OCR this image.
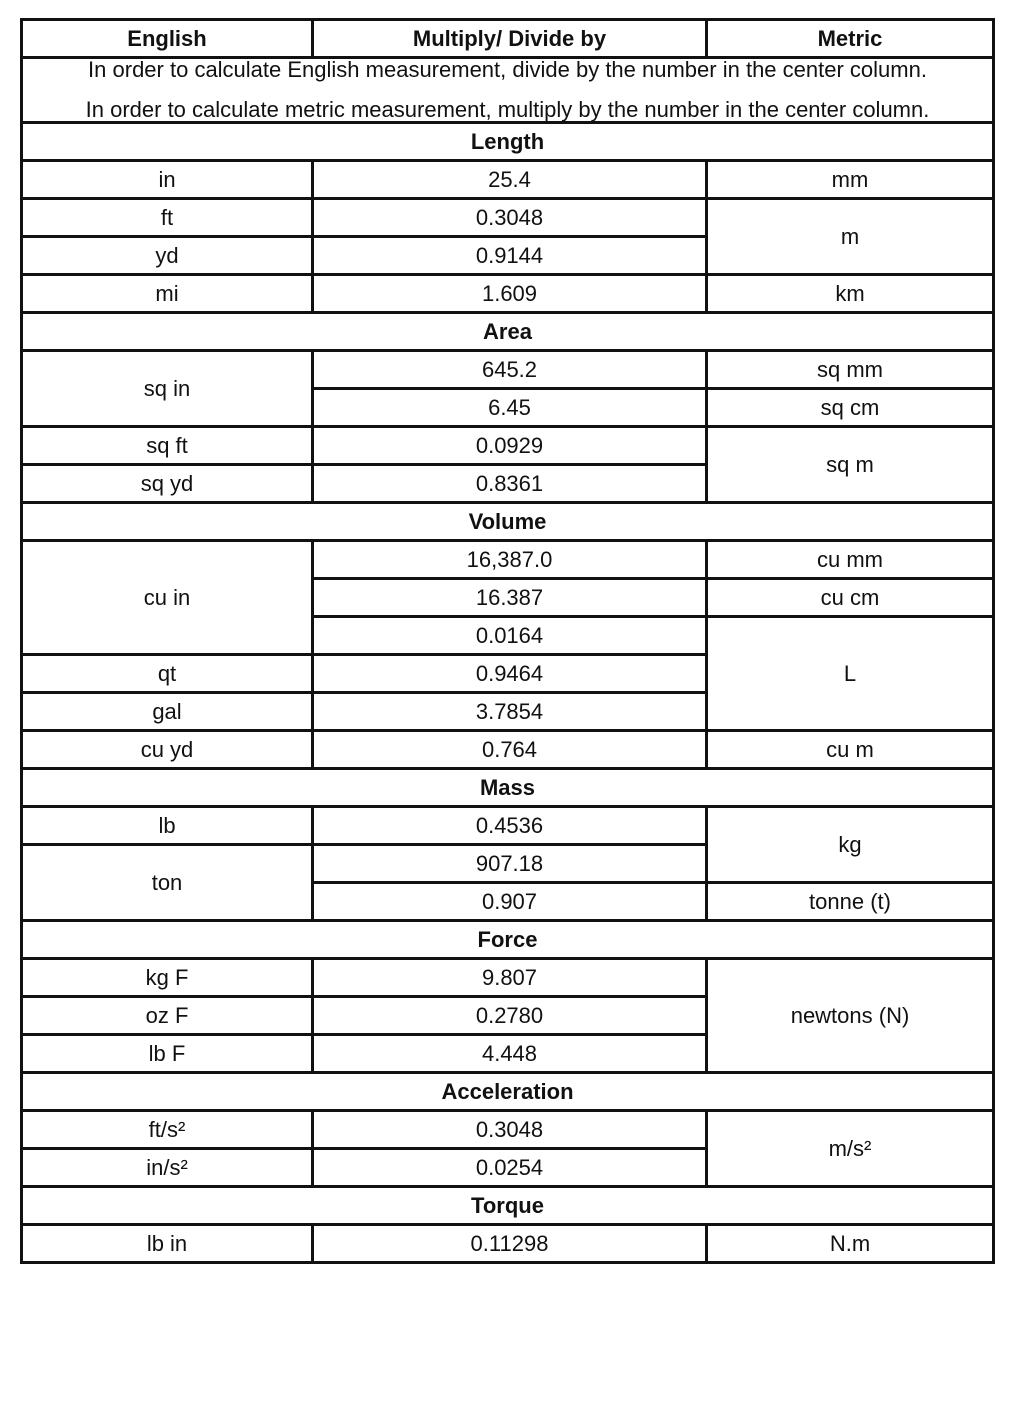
English	Multiply/ Divide by	Metric

In order to calculate English measurement, divide by the number in the center column.

In order to calculate metric measurement, multiply by the number in the center column.		

Length		
in	25.4	mm
ft	0.3048	m
yd	0.9144	
mi	1.609	km
Area		
sq in	645.2	sq mm
	6.45	sq cm
sq ft	0.0929	sq m
sq yd	0.8361	
Volume		
cu in	16,387.0	cu mm
	16.387	cu cm
	0.0164	L
qt	0.9464	
gal	3.7854	
cu yd	0.764	cu m
Mass		
lb	0.4536	kg
ton	907.18	
	0.907	tonne (t)
Force		
kg F	9.807	newtons (N)
oz F	0.2780	
lb F	4.448	
Acceleration		
ft/s²	0.3048	m/s²
in/s²	0.0254	
Torque		
lb in	0.11298	N.m
